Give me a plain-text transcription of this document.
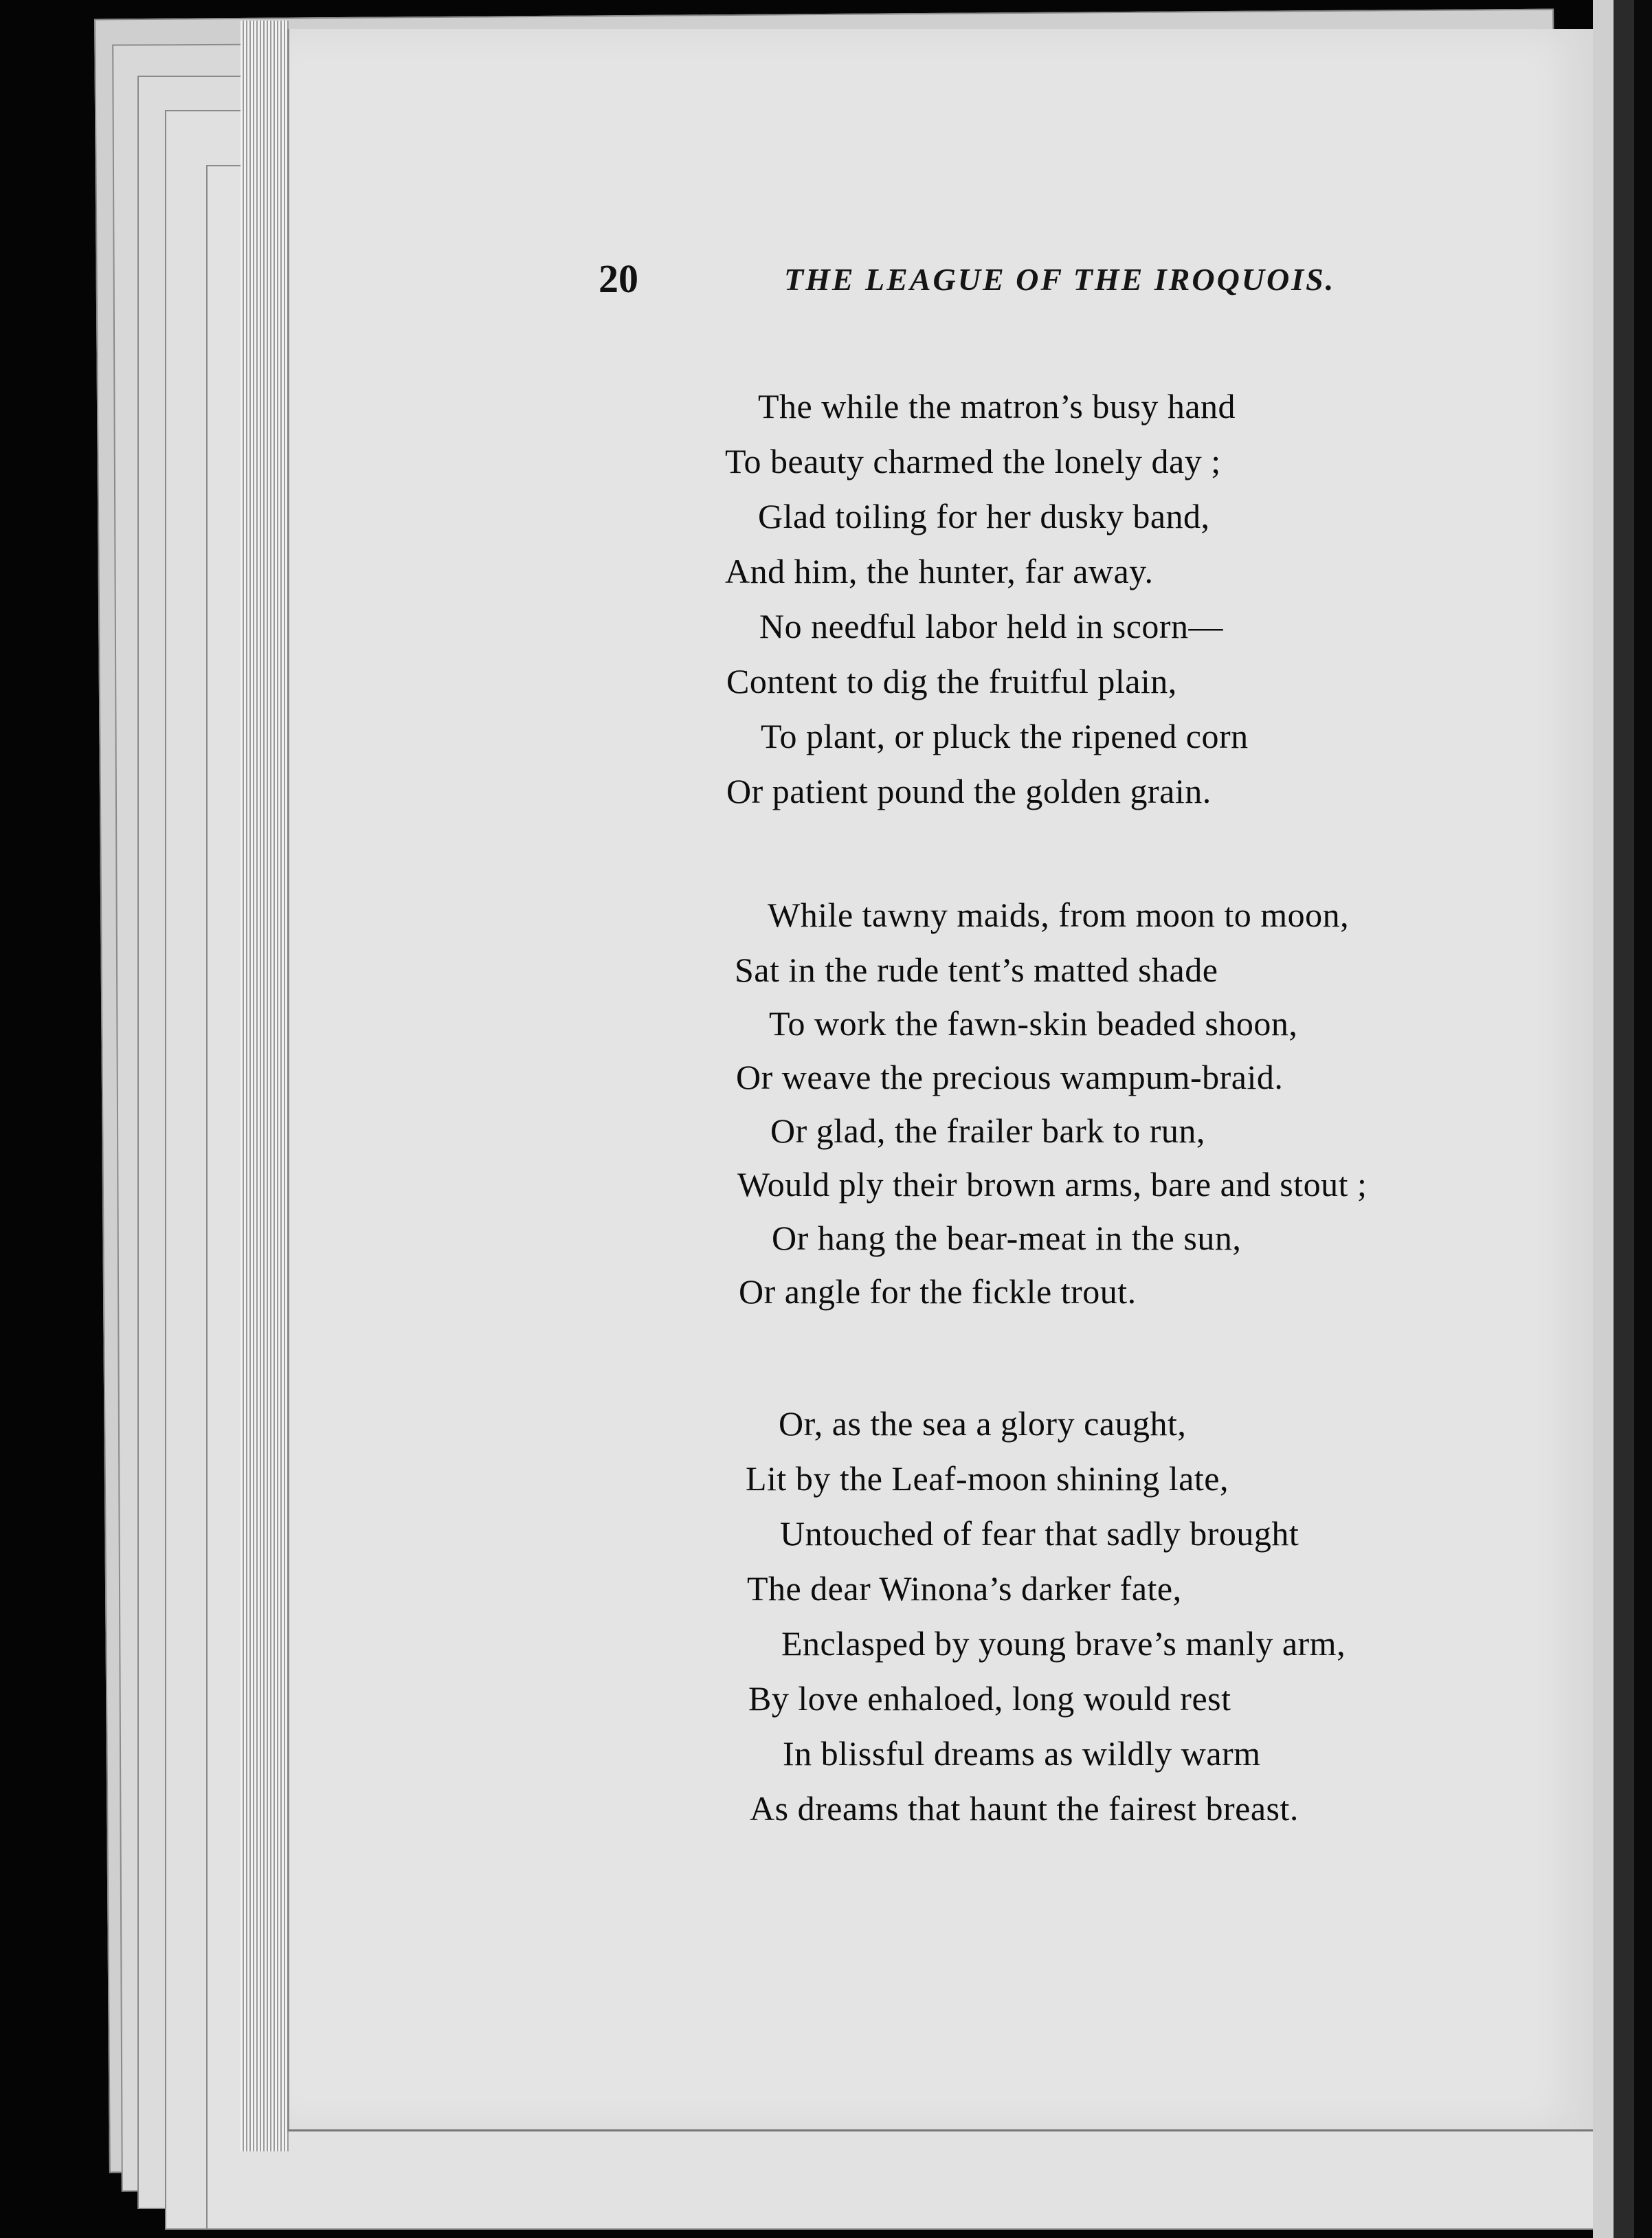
20	THE LEAGUE OF THE IROQUOIS.
The while the matron’s busy hand
To beauty charmed the lonely day ;
Glad toiling for her dusky band,
And him, the hunter, far away.
No needful labor held in scorn—
Content to dig the fruitful plain,
To plant, or pluck the ripened corn
Or patient pound the golden grain.
While tawny maids, from moon to moon,
Sat in the rude tent’s matted shade
To work the fawn-skin beaded shoon,
Or weave the precious wampum-braid.
Or glad, the frailer bark to run,
Would ply their brown arms, bare and stout ;
Or hang the bear-meat in the sun,
Or angle for the fickle trout.
Or, as the sea a glory caught,
Lit by the Leaf-moon shining late,
Untouched of fear that sadly brought
The dear Winona’s darker fate,
Enclasped by young brave’s manly arm,
By love enhaloed, long would rest
In blissful dreams as wildly warm
As dreams that haunt the fairest breast.
